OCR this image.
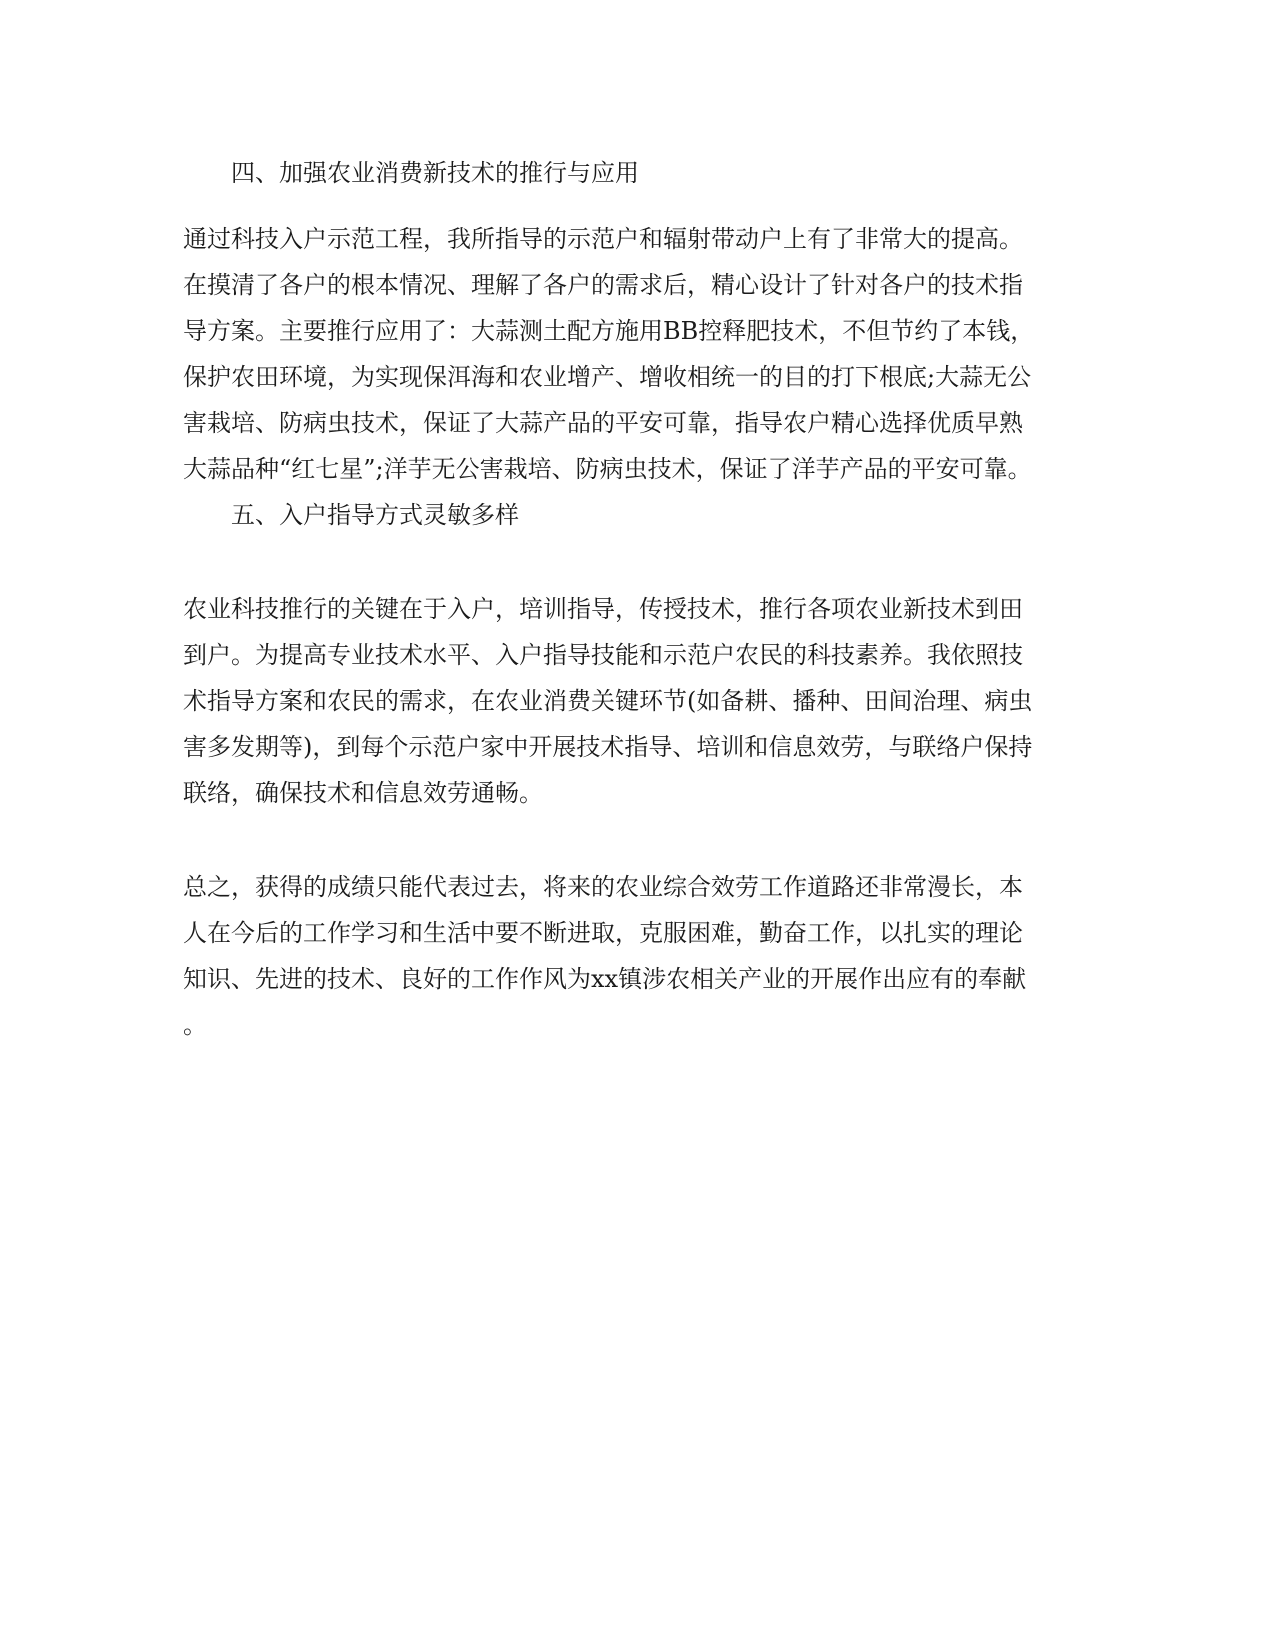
四、加强农业消费新技术的推行与应用
通过科技入户示范工程，我所指导的示范户和辐射带动户上有了非常大的提高。
在摸清了各户的根本情况、理解了各户的需求后，精心设计了针对各户的技术指
导方案。主要推行应用了：大蒜测土配方施用BB控释肥技术，不但节约了本钱，
保护农田环境，为实现保洱海和农业增产、增收相统一的目的打下根底;大蒜无公
害栽培、防病虫技术，保证了大蒜产品的平安可靠，指导农户精心选择优质早熟
大蒜品种“红七星”;洋芋无公害栽培、防病虫技术，保证了洋芋产品的平安可靠。
五、入户指导方式灵敏多样
农业科技推行的关键在于入户，培训指导，传授技术，推行各项农业新技术到田
到户。为提高专业技术水平、入户指导技能和示范户农民的科技素养。我依照技
术指导方案和农民的需求，在农业消费关键环节(如备耕、播种、田间治理、病虫
害多发期等)，到每个示范户家中开展技术指导、培训和信息效劳，与联络户保持
联络，确保技术和信息效劳通畅。
总之，获得的成绩只能代表过去，将来的农业综合效劳工作道路还非常漫长，本
人在今后的工作学习和生活中要不断进取，克服困难，勤奋工作，以扎实的理论
知识、先进的技术、良好的工作作风为xx镇涉农相关产业的开展作出应有的奉献
。
